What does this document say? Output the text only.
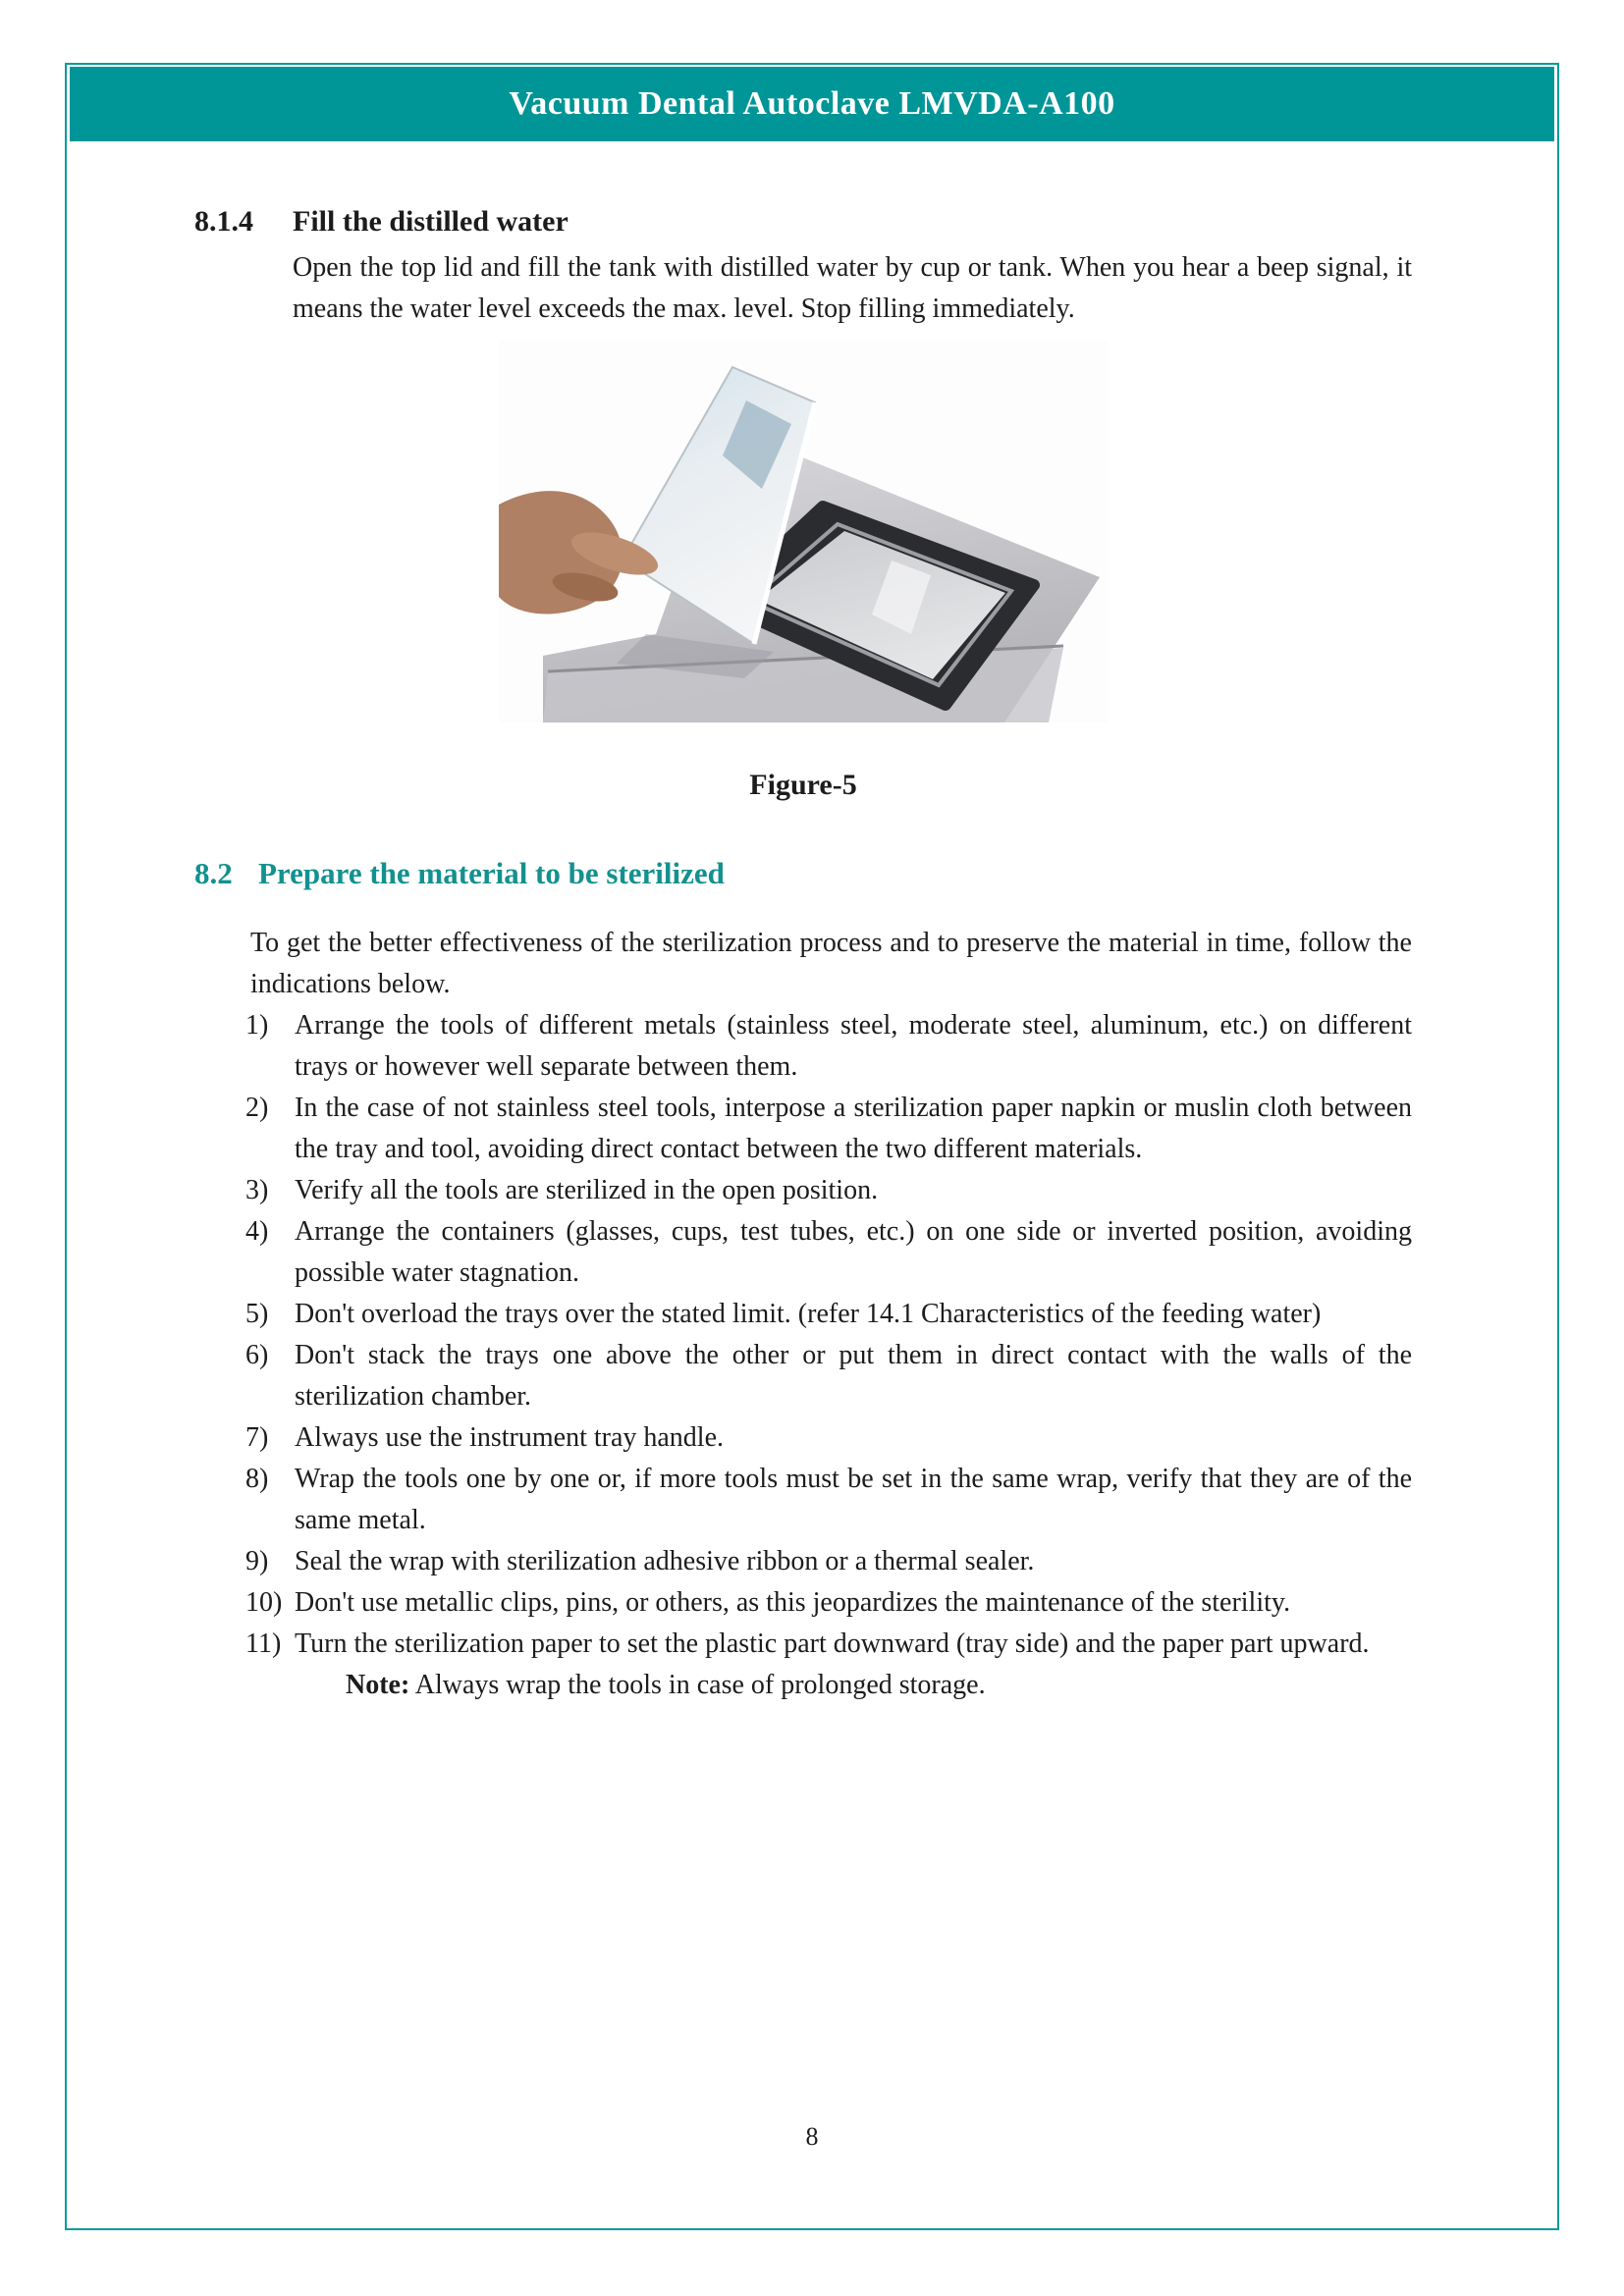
Vacuum Dental Autoclave LMVDA-A100
8.1.4	Fill the distilled water

Open the top lid and fill the tank with distilled water by cup or tank. When you hear a beep signal, it means the water level exceeds the max. level. Stop filling immediately.

Figure-5
8.2 Prepare the material to be sterilized

To get the better effectiveness of the sterilization process and to preserve the material in time, follow the indications below.

1) Arrange the tools of different metals (stainless steel, moderate steel, aluminum, etc.) on different trays or however well separate between them.
2) In the case of not stainless steel tools, interpose a sterilization paper napkin or muslin cloth between the tray and tool, avoiding direct contact between the two different materials.
3) Verify all the tools are sterilized in the open position.
4) Arrange the containers (glasses, cups, test tubes, etc.) on one side or inverted position, avoiding possible water stagnation.
5) Don't overload the trays over the stated limit. (refer 14.1 Characteristics of the feeding water)
6) Don't stack the trays one above the other or put them in direct contact with the walls of the sterilization chamber.
7) Always use the instrument tray handle.
8) Wrap the tools one by one or, if more tools must be set in the same wrap, verify that they are of the same metal.
9) Seal the wrap with sterilization adhesive ribbon or a thermal sealer.
10) Don't use metallic clips, pins, or others, as this jeopardizes the maintenance of the sterility.
11) Turn the sterilization paper to set the plastic part downward (tray side) and the paper part upward.
Note: Always wrap the tools in case of prolonged storage.
8
